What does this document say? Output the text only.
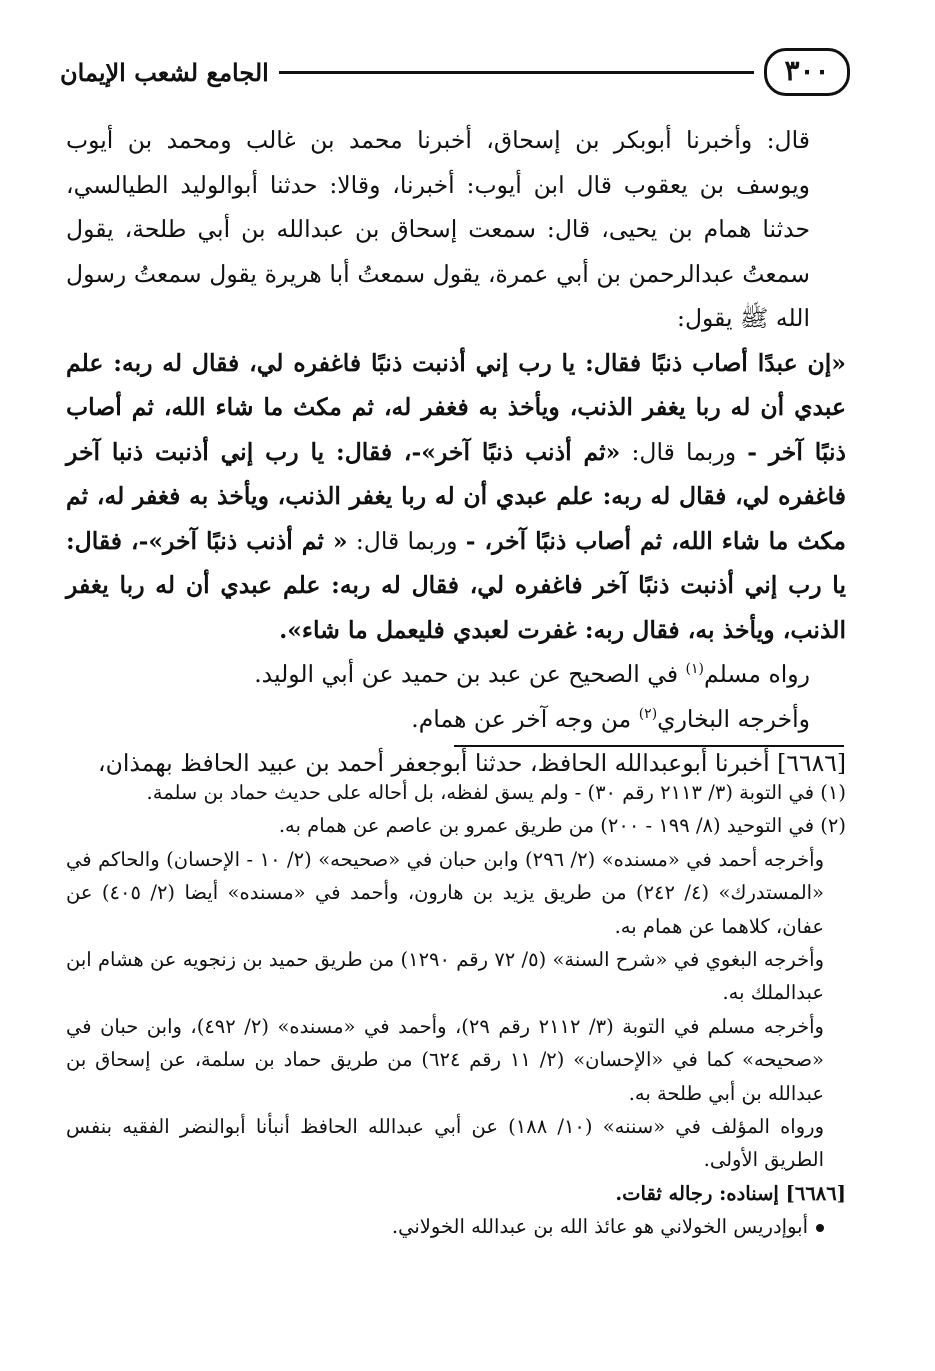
٣٠٠
الجامع لشعب الإيمان

قال: وأخبرنا أبوبكر بن إسحاق، أخبرنا محمد بن غالب ومحمد بن أيوب ويوسف بن يعقوب قال ابن أيوب: أخبرنا، وقالا: حدثنا أبوالوليد الطيالسي، حدثنا همام بن يحيى، قال: سمعت إسحاق بن عبدالله بن أبي طلحة، يقول سمعتُ عبدالرحمن بن أبي عمرة، يقول سمعتُ أبا هريرة يقول سمعتُ رسول الله ﷺ يقول:

«إن عبدًا أصاب ذنبًا فقال: يا رب إني أذنبت ذنبًا فاغفره لي، فقال له ربه: علم عبدي أن له ربا يغفر الذنب، ويأخذ به فغفر له، ثم مكث ما شاء الله، ثم أصاب ذنبًا آخر - وربما قال: «ثم أذنب ذنبًا آخر»-، فقال: يا رب إني أذنبت ذنبا آخر فاغفره لي، فقال له ربه: علم عبدي أن له ربا يغفر الذنب، ويأخذ به فغفر له، ثم مكث ما شاء الله، ثم أصاب ذنبًا آخر، - وربما قال: « ثم أذنب ذنبًا آخر»-، فقال: يا رب إني أذنبت ذنبًا آخر فاغفره لي، فقال له ربه: علم عبدي أن له ربا يغفر الذنب، ويأخذ به، فقال ربه: غفرت لعبدي فليعمل ما شاء».

رواه مسلم$^{(١)}$ في الصحيح عن عبد بن حميد عن أبي الوليد.

وأخرجه البخاري$^{(٢)}$ من وجه آخر عن همام.

[٦٦٨٦] أخبرنا أبوعبدالله الحافظ، حدثنا أبوجعفر أحمد بن عبيد الحافظ بهمذان،

(١) في التوبة (٣/ ٢١١٣ رقم ٣٠) - ولم يسق لفظه، بل أحاله على حديث حماد بن سلمة.

(٢) في التوحيد (٨/ ١٩٩ - ٢٠٠) من طريق عمرو بن عاصم عن همام به.

وأخرجه أحمد في «مسنده» (٢/ ٢٩٦) وابن حبان في «صحيحه» (٢/ ١٠ - الإحسان) والحاكم في «المستدرك» (٤/ ٢٤٢) من طريق يزيد بن هارون، وأحمد في «مسنده» أيضا (٢/ ٤٠٥) عن عفان، كلاهما عن همام به.

وأخرجه البغوي في «شرح السنة» (٥/ ٧٢ رقم ١٢٩٠) من طريق حميد بن زنجويه عن هشام ابن عبدالملك به.

وأخرجه مسلم في التوبة (٣/ ٢١١٢ رقم ٢٩)، وأحمد في «مسنده» (٢/ ٤٩٢)، وابن حبان في «صحيحه» كما في «الإحسان» (٢/ ١١ رقم ٦٢٤) من طريق حماد بن سلمة، عن إسحاق بن عبدالله بن أبي طلحة به.

ورواه المؤلف في «سننه» (١٠/ ١٨٨) عن أبي عبدالله الحافظ أنبأنا أبوالنضر الفقيه بنفس الطريق الأولى.

[٦٦٨٦] إسناده: رجاله ثقات.

أبوإدريس الخولاني هو عائذ الله بن عبدالله الخولاني.
